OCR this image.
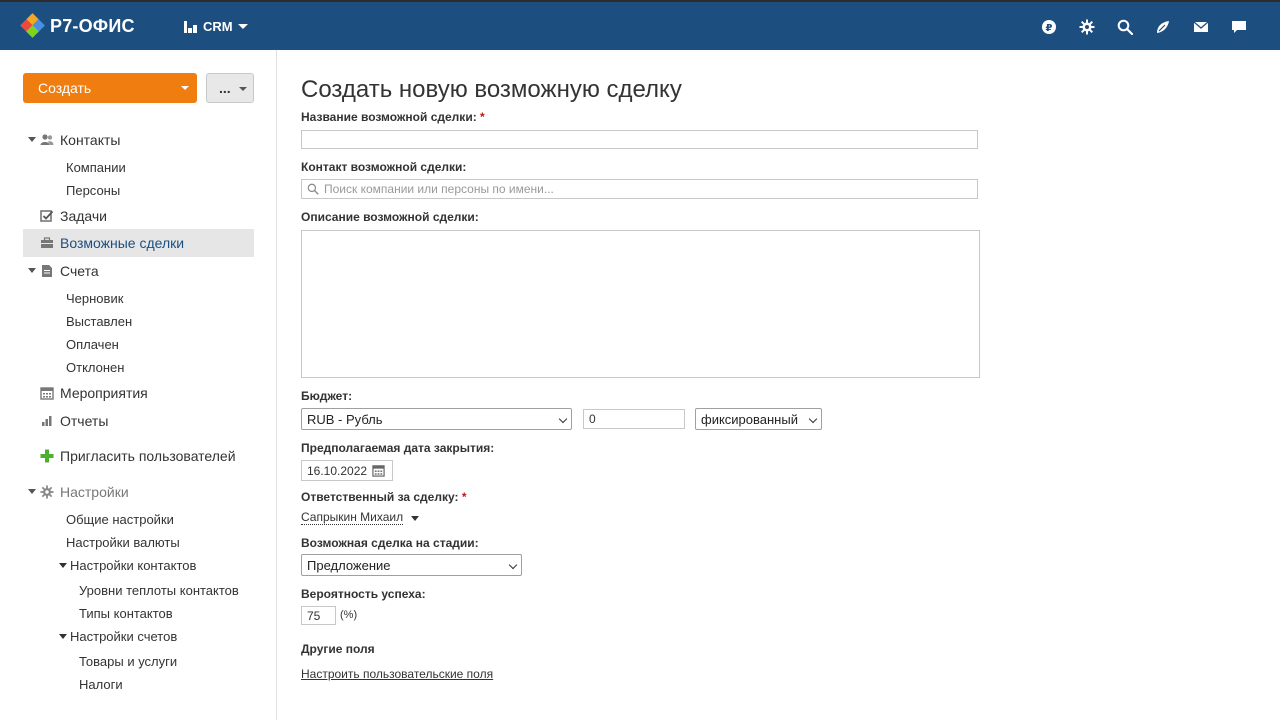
Р7-ОФИС	CRM	₽
Создать	...
Контакты
Компании
Персоны
Задачи
Возможные сделки
Счета
Черновик
Выставлен
Оплачен
Отклонен
Мероприятия
Отчеты
Пригласить пользователей
Настройки
Общие настройки
Настройки валюты
Настройки контактов
Уровни теплоты контактов
Типы контактов
Настройки счетов
Товары и услуги
Налоги
Создать новую возможную сделку
Название возможной сделки: *
Контакт возможной сделки:
Поиск компании или персоны по имени...
Описание возможной сделки:
Бюджет:
RUB - Рубль	0	фиксированный
Предполагаемая дата закрытия:
16.10.2022
Ответственный за сделку: *
Сапрыкин Михаил
Возможная сделка на стадии:
Предложение
Вероятность успеха:
75	(%)
Другие поля
Настроить пользовательские поля
